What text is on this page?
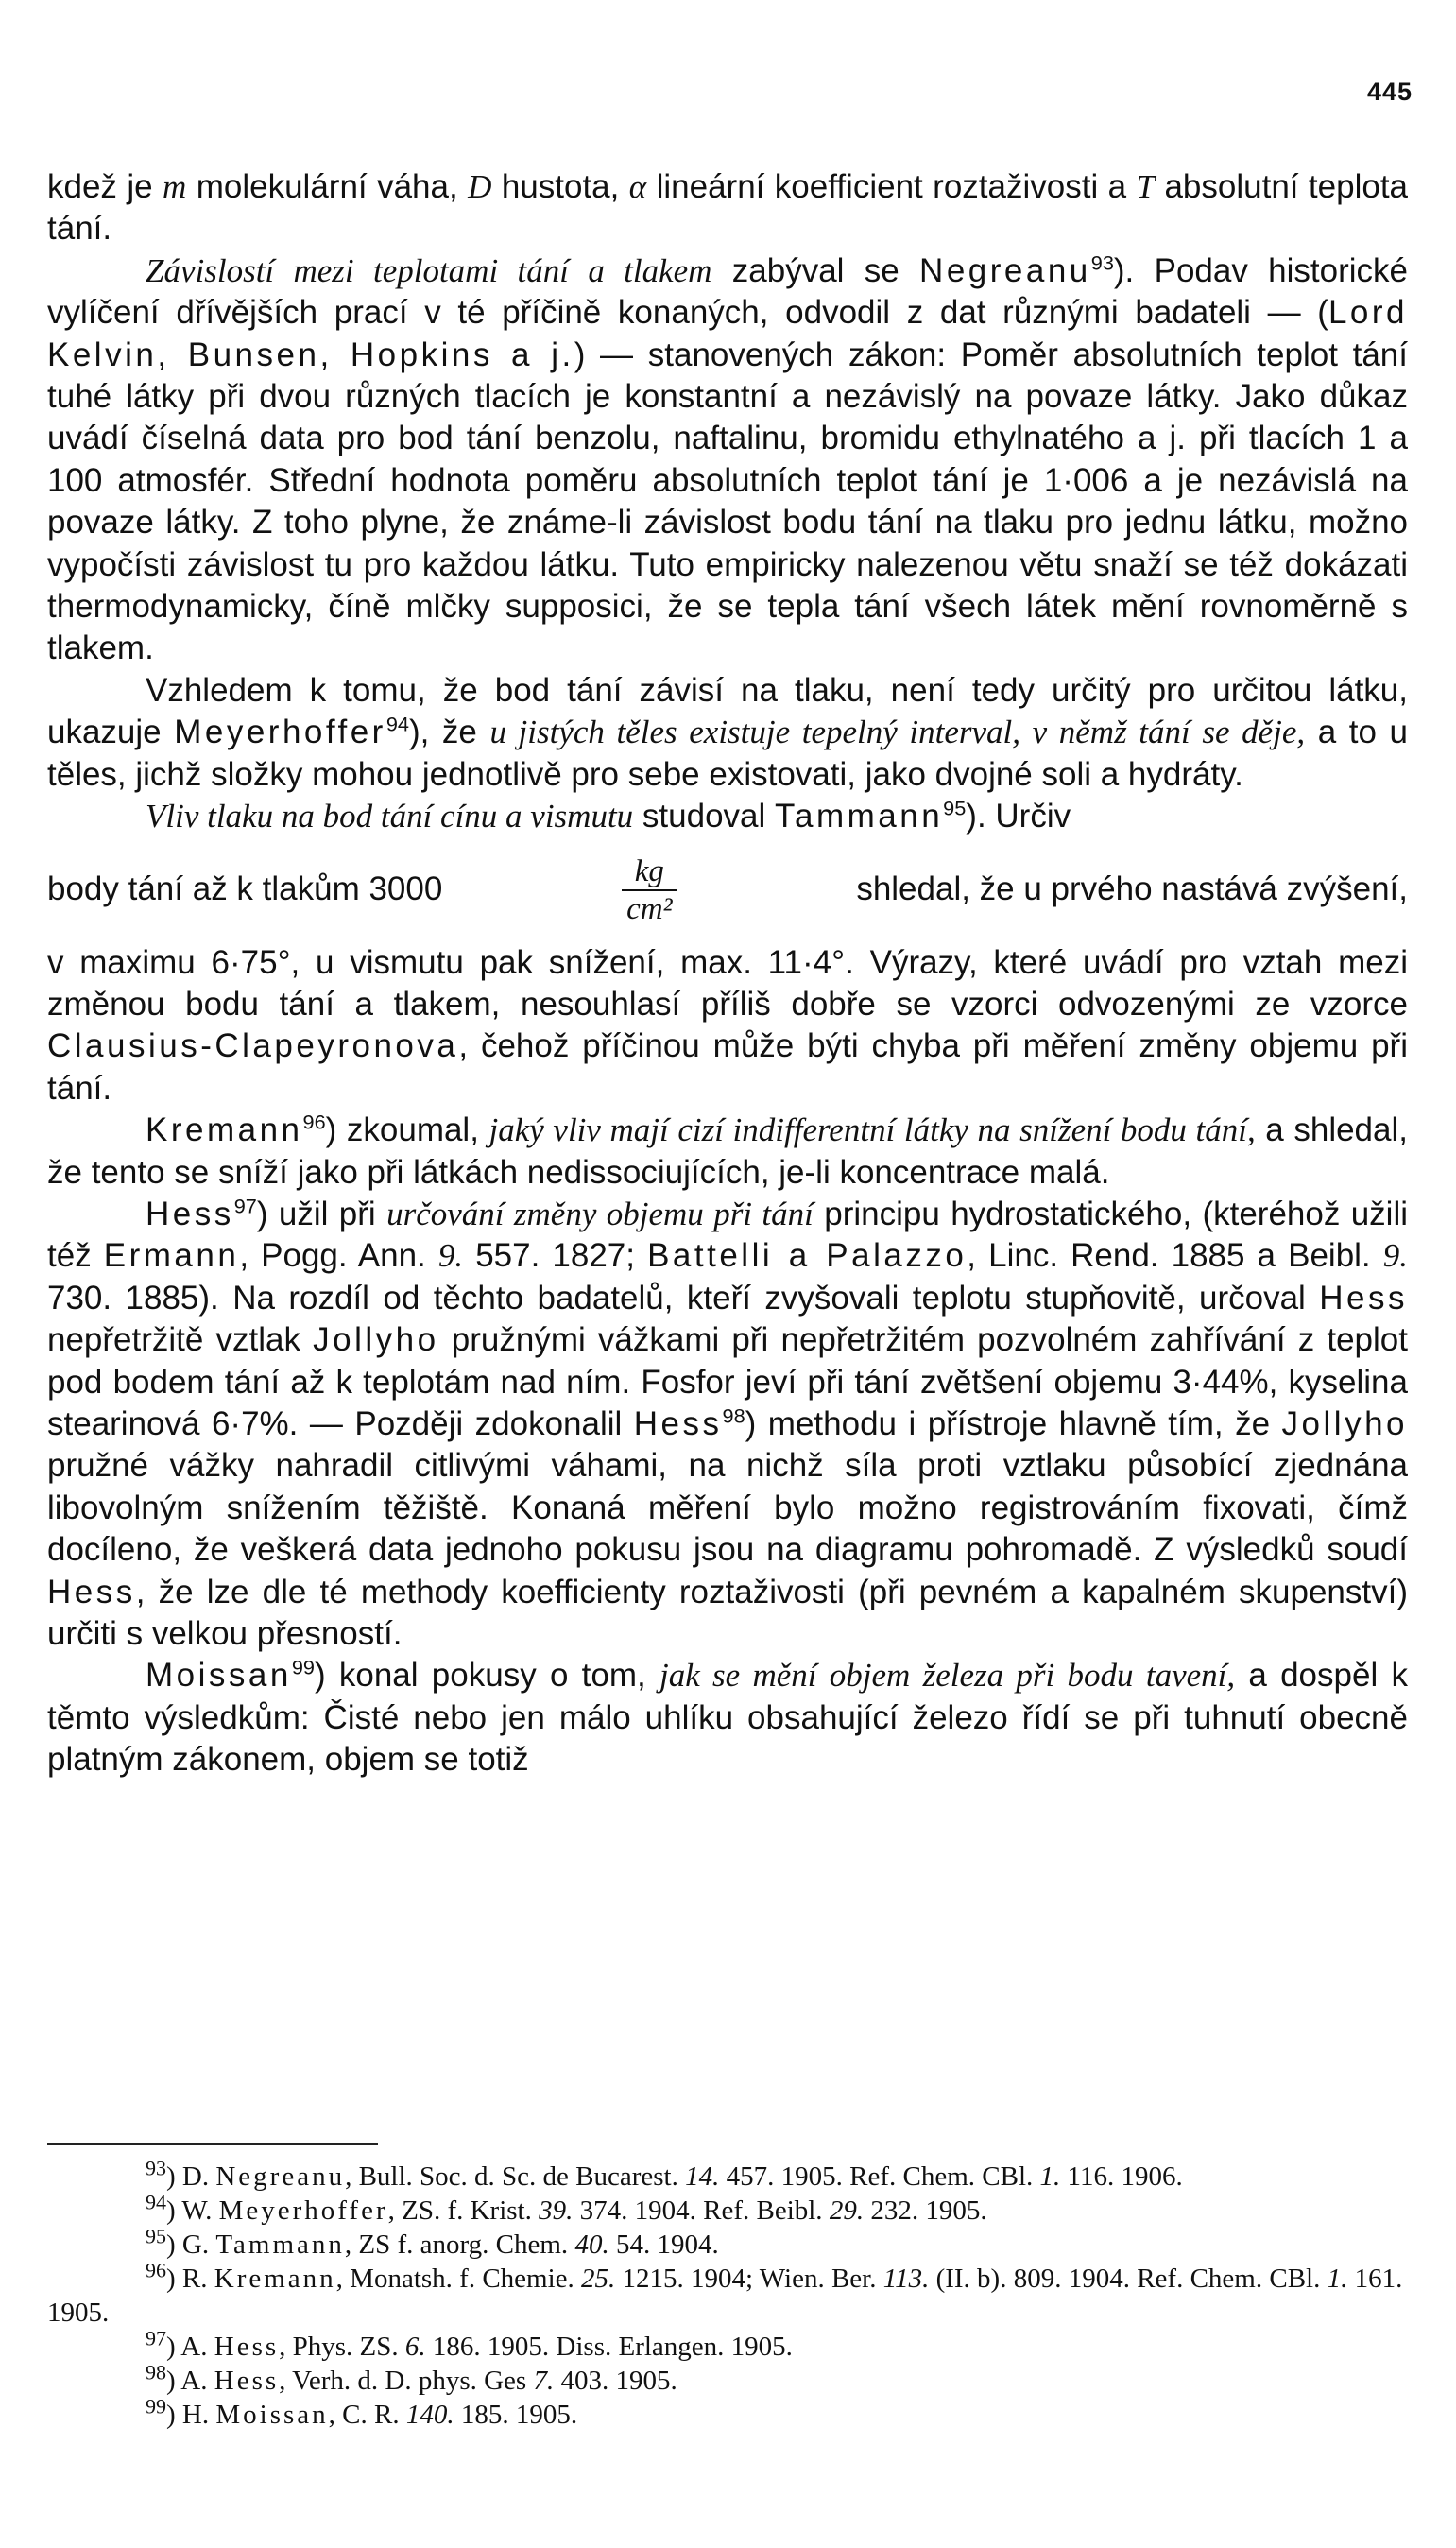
445

kdež je m molekulární váha, D hustota, α lineární koefficient roztaživosti a T absolutní teplota tání.

Závislostí mezi teplotami tání a tlakem zabýval se Negreanu$^{93}$). Podav historické vylíčení dřívějších prací v té příčině konaných, odvodil z dat různými badateli — (Lord Kelvin, Bunsen, Hopkins a j.) — stanovených zákon: Poměr absolutních teplot tání tuhé látky při dvou různých tlacích je konstantní a nezávislý na povaze látky. Jako důkaz uvádí číselná data pro bod tání benzolu, naftalinu, bromidu ethylnatého a j. při tlacích 1 a 100 atmosfér. Střední hodnota poměru absolutních teplot tání je 1·006 a je nezávislá na povaze látky. Z toho plyne, že známe-li závislost bodu tání na tlaku pro jednu látku, možno vypočísti závislost tu pro každou látku. Tuto empiricky nalezenou větu snaží se též dokázati thermodynamicky, číně mlčky supposici, že se tepla tání všech látek mění rovnoměrně s tlakem.

Vzhledem k tomu, že bod tání závisí na tlaku, není tedy určitý pro určitou látku, ukazuje Meyerhoffer$^{94}$), že u jistých těles existuje tepelný interval, v němž tání se děje, a to u těles, jichž složky mohou jednotlivě pro sebe existovati, jako dvojné soli a hydráty.

Vliv tlaku na bod tání cínu a vismutu studoval Tammann$^{95}$). Určiv

body tání až k tlakům 3000	$\frac{kg}{\text{cm²}}$	shledal, že u prvého nastává zvýšení,

v maximu 6·75°, u vismutu pak snížení, max. 11·4°. Výrazy, které uvádí pro vztah mezi změnou bodu tání a tlakem, nesouhlasí příliš dobře se vzorci odvozenými ze vzorce Clausius-Clapeyronova, čehož příčinou může býti chyba při měření změny objemu při tání.

Kremann$^{96}$) zkoumal, jaký vliv mají cizí indifferentní látky na snížení bodu tání, a shledal, že tento se sníží jako při látkách nedissociujících, je-li koncentrace malá.

Hess$^{97}$) užil při určování změny objemu při tání principu hydrostatického, (kteréhož užili též Ermann, Pogg. Ann. 9. 557. 1827; Battelli a Palazzo, Linc. Rend. 1885 a Beibl. 9. 730. 1885). Na rozdíl od těchto badatelů, kteří zvyšovali teplotu stupňovitě, určoval Hess nepřetržitě vztlak Jollyho pružnými vážkami při nepřetržitém pozvolném zahřívání z teplot pod bodem tání až k teplotám nad ním. Fosfor jeví při tání zvětšení objemu 3·44%, kyselina stearinová 6·7%. — Později zdokonalil Hess$^{98}$) methodu i přístroje hlavně tím, že Jollyho pružné vážky nahradil citlivými váhami, na nichž síla proti vztlaku působící zjednána libovolným snížením těžiště. Konaná měření bylo možno registrováním fixovati, čímž docíleno, že veškerá data jednoho pokusu jsou na diagramu pohromadě. Z výsledků soudí Hess, že lze dle té methody koefficienty roztaživosti (při pevném a kapalném skupenství) určiti s velkou přesností.

Moissan$^{99}$) konal pokusy o tom, jak se mění objem železa při bodu tavení, a dospěl k těmto výsledkům: Čisté nebo jen málo uhlíku obsahující železo řídí se při tuhnutí obecně platným zákonem, objem se totiž

$^{93}$) D. Negreanu, Bull. Soc. d. Sc. de Bucarest. 14. 457. 1905. Ref. Chem. CBl. 1. 116. 1906.

$^{94}$) W. Meyerhoffer, ZS. f. Krist. 39. 374. 1904. Ref. Beibl. 29. 232. 1905.

$^{95}$) G. Tammann, ZS f. anorg. Chem. 40. 54. 1904.

$^{96}$) R. Kremann, Monatsh. f. Chemie. 25. 1215. 1904; Wien. Ber. 113. (II. b). 809. 1904. Ref. Chem. CBl. 1. 161. 1905.

$^{97}$) A. Hess, Phys. ZS. 6. 186. 1905. Diss. Erlangen. 1905.

$^{98}$) A. Hess, Verh. d. D. phys. Ges 7. 403. 1905.

$^{99}$) H. Moissan, C. R. 140. 185. 1905.
